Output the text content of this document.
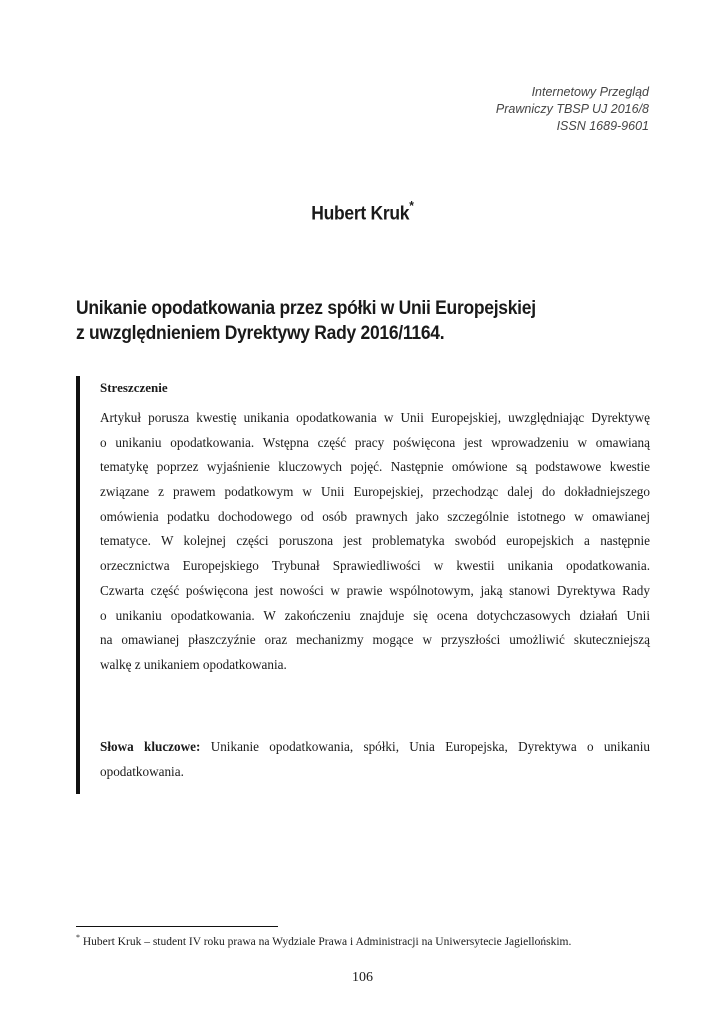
Internetowy Przegląd
Prawniczy TBSP UJ 2016/8
ISSN 1689-9601
Hubert Kruk*
Unikanie opodatkowania przez spółki w Unii Europejskiej
z uwzględnieniem Dyrektywy Rady 2016/1164.
Streszczenie
Artykuł porusza kwestię unikania opodatkowania w Unii Europejskiej, uwzględniając Dyrektywę
o unikaniu opodatkowania. Wstępna część pracy poświęcona jest wprowadzeniu w omawianą
tematykę poprzez wyjaśnienie kluczowych pojęć. Następnie omówione są podstawowe kwestie
związane z prawem podatkowym w Unii Europejskiej, przechodząc dalej do dokładniejszego
omówienia podatku dochodowego od osób prawnych jako szczególnie istotnego w omawianej
tematyce. W kolejnej części poruszona jest problematyka swobód europejskich a następnie
orzecznictwa Europejskiego Trybunał Sprawiedliwości w kwestii unikania opodatkowania.
Czwarta część poświęcona jest nowości w prawie wspólnotowym, jaką stanowi Dyrektywa Rady
o unikaniu opodatkowania. W zakończeniu znajduje się ocena dotychczasowych działań Unii
na omawianej płaszczyźnie oraz mechanizmy mogące w przyszłości umożliwić skuteczniejszą
walkę z unikaniem opodatkowania.
Słowa kluczowe: Unikanie opodatkowania, spółki, Unia Europejska, Dyrektywa o unikaniu
opodatkowania.
* Hubert Kruk – student IV roku prawa na Wydziale Prawa i Administracji na Uniwersytecie Jagiellońskim.
106
